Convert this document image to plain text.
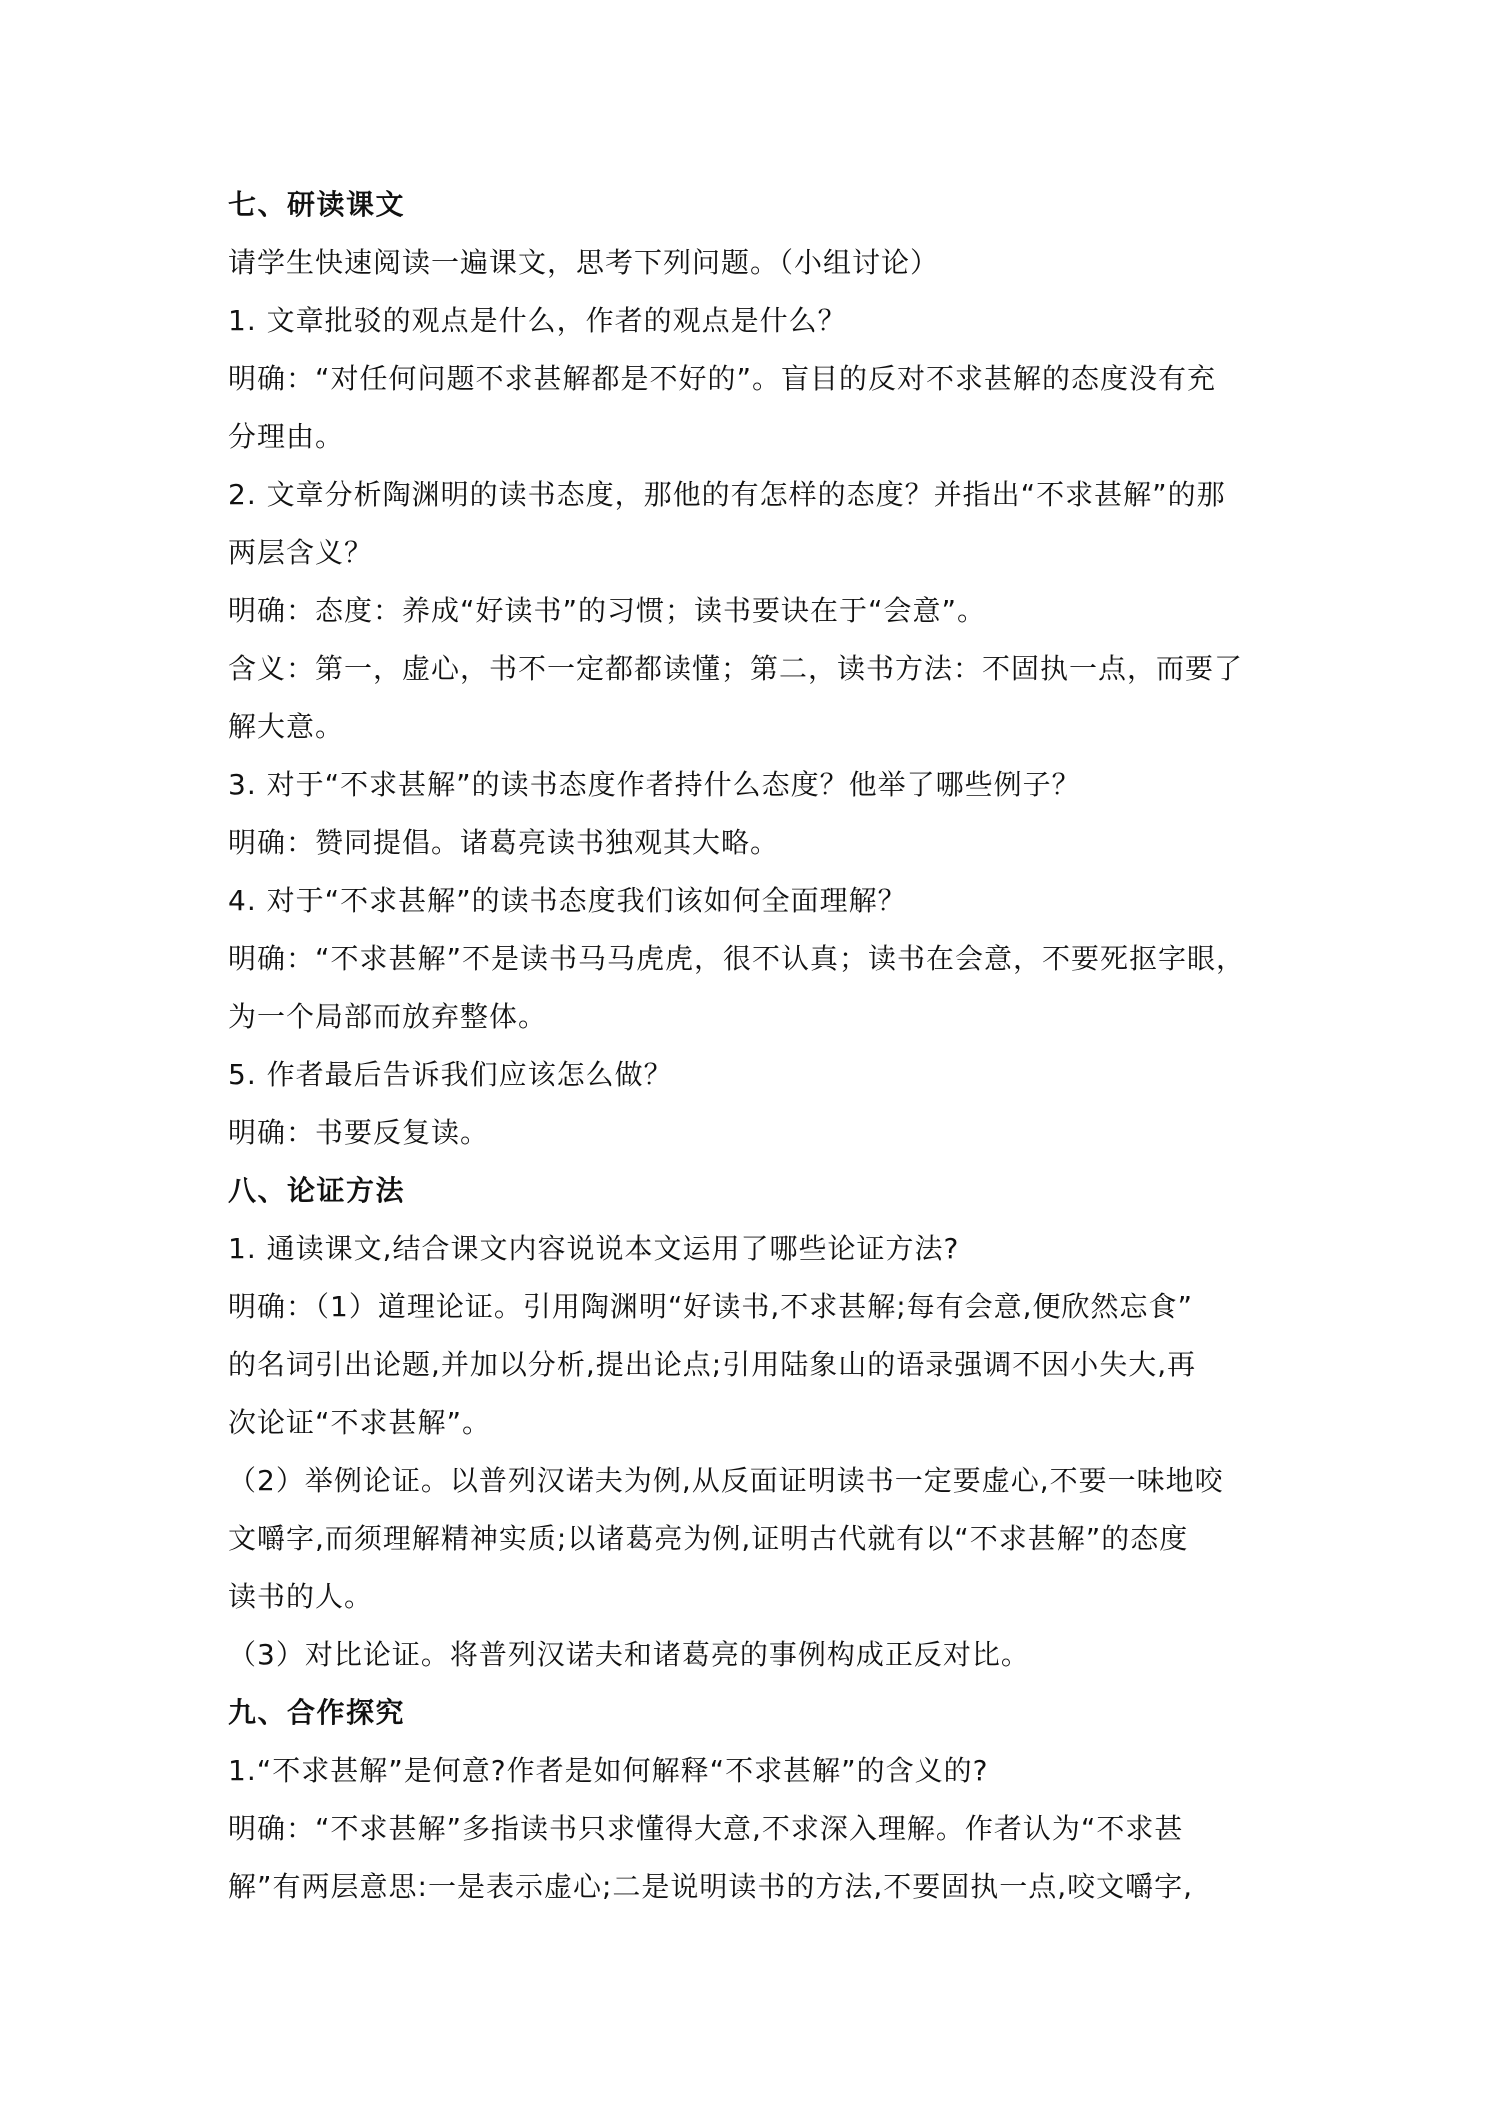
七、研读课文
请学生快速阅读一遍课文，思考下列问题。（小组讨论）
1. 文章批驳的观点是什么，作者的观点是什么？
明确：“对任何问题不求甚解都是不好的”。盲目的反对不求甚解的态度没有充
分理由。
2. 文章分析陶渊明的读书态度，那他的有怎样的态度？并指出“不求甚解”的那
两层含义？
明确：态度：养成“好读书”的习惯；读书要诀在于“会意”。
含义：第一，虚心，书不一定都都读懂；第二，读书方法：不固执一点，而要了
解大意。
3. 对于“不求甚解”的读书态度作者持什么态度？他举了哪些例子？
明确：赞同提倡。诸葛亮读书独观其大略。
4. 对于“不求甚解”的读书态度我们该如何全面理解？
明确：“不求甚解”不是读书马马虎虎，很不认真；读书在会意，不要死抠字眼，
为一个局部而放弃整体。
5. 作者最后告诉我们应该怎么做？
明确：书要反复读。
八、论证方法
1. 通读课文,结合课文内容说说本文运用了哪些论证方法?
明确：（1）道理论证。引用陶渊明“好读书,不求甚解;每有会意,便欣然忘食”
的名词引出论题,并加以分析,提出论点;引用陆象山的语录强调不因小失大,再
次论证“不求甚解”。
（2）举例论证。以普列汉诺夫为例,从反面证明读书一定要虚心,不要一味地咬
文嚼字,而须理解精神实质;以诸葛亮为例,证明古代就有以“不求甚解”的态度
读书的人。
（3）对比论证。将普列汉诺夫和诸葛亮的事例构成正反对比。
九、合作探究
1.“不求甚解”是何意?作者是如何解释“不求甚解”的含义的?
明确：“不求甚解”多指读书只求懂得大意,不求深入理解。作者认为“不求甚
解”有两层意思:一是表示虚心;二是说明读书的方法,不要固执一点,咬文嚼字,
